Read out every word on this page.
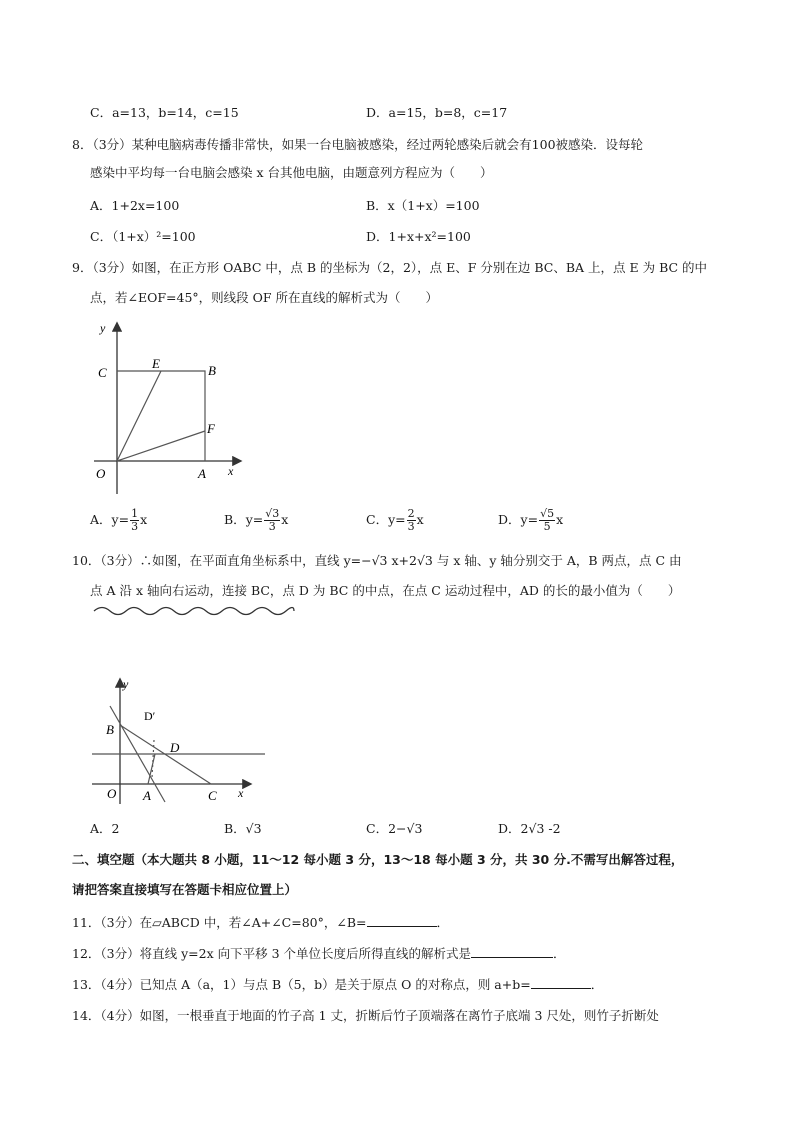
C．a=13，b=14，c=15	D．a=15，b=8，c=17
8．（3分）某种电脑病毒传播非常快，如果一台电脑被感染，经过两轮感染后就会有100被感染．设每轮
感染中平均每一台电脑会感染 x 台其他电脑，由题意列方程应为（　　）
A．1+2x=100	B．x（1+x）=100
C．（1+x）²=100	D．1+x+x²=100
9．（3分）如图，在正方形 OABC 中，点 B 的坐标为（2，2），点 E、F 分别在边 BC、BA 上，点 E 为 BC 的中
点，若∠EOF=45°，则线段 OF 所在直线的解析式为（　　）
y
C
E	B
F
O	A x
A．$y= \frac{1}{3}$ x	B．$y= \frac{√3}{3}$ x	C．$y= \frac{2}{3}$ x	D．$y= \frac{√5}{5}$ x
10．（3分）∴如图，在平面直角坐标系中，直线 y=−√3 x+2√3 与 x 轴、y 轴分别交于 A，B 两点，点 C 由
点 A 沿 x 轴向右运动，连接 BC，点 D 为 BC 的中点，在点 C 运动过程中，AD 的长的最小值为（　　）
y
B
D′
D
O A	C x
A．2	B．√3	C．2−√3	D．2√3 -2
二、填空题（本大题共 8 小题，11～12 每小题 3 分，13～18 每小题 3 分，共 30 分.不需写出解答过程，
请把答案直接填写在答题卡相应位置上）
11．（3分）在▱ABCD 中，若∠A+∠C=80°，∠B=	．
12．（3分）将直线 y=2x 向下平移 3 个单位长度后所得直线的解析式是	．
13．（4分）已知点 A（a，1）与点 B（5，b）是关于原点 O 的对称点，则 a+b=	．
14．（4分）如图，一根垂直于地面的竹子高 1 丈，折断后竹子顶端落在离竹子底端 3 尺处，则竹子折断处
